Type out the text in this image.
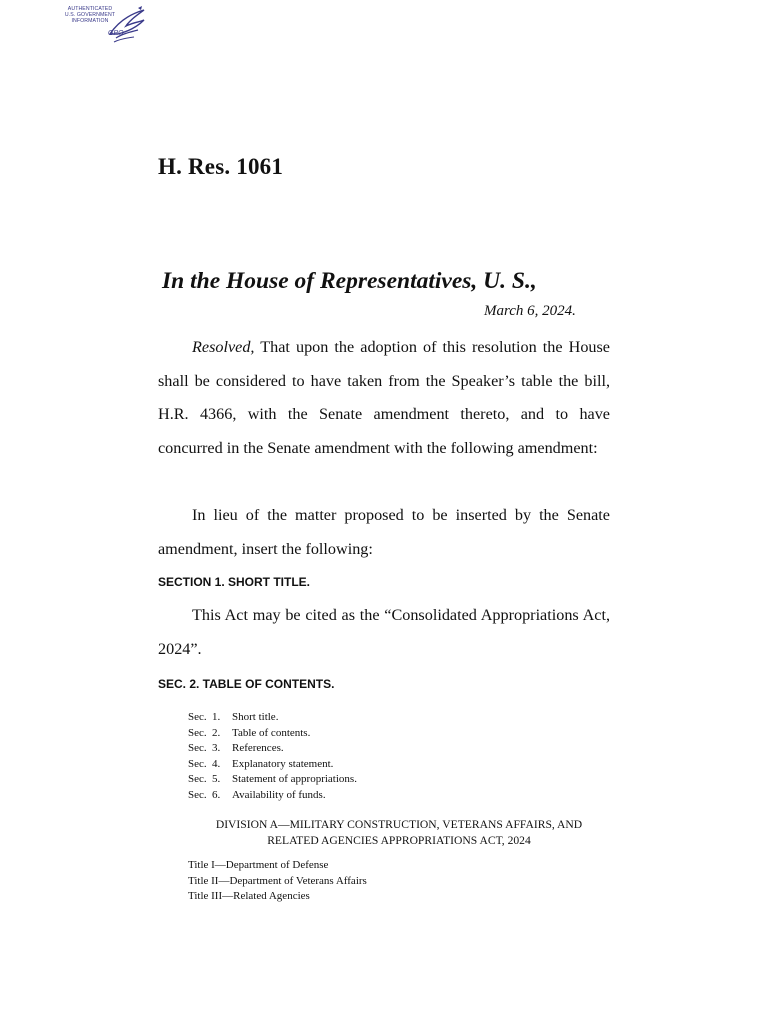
AUTHENTICATED
U.S. GOVERNMENT
INFORMATION
GPO
H. Res. 1061
In the House of Representatives, U. S.,
March 6, 2024.
Resolved, That upon the adoption of this resolution the House shall be considered to have taken from the Speaker’s table the bill, H.R. 4366, with the Senate amendment thereto, and to have concurred in the Senate amendment with the following amendment:
In lieu of the matter proposed to be inserted by the Senate amendment, insert the following:
SECTION 1. SHORT TITLE.
This Act may be cited as the “Consolidated Appropriations Act, 2024”.
SEC. 2. TABLE OF CONTENTS.
Sec. 1. Short title.
Sec. 2. Table of contents.
Sec. 3. References.
Sec. 4. Explanatory statement.
Sec. 5. Statement of appropriations.
Sec. 6. Availability of funds.
DIVISION A—MILITARY CONSTRUCTION, VETERANS AFFAIRS, AND
RELATED AGENCIES APPROPRIATIONS ACT, 2024
Title I—Department of Defense
Title II—Department of Veterans Affairs
Title III—Related Agencies
